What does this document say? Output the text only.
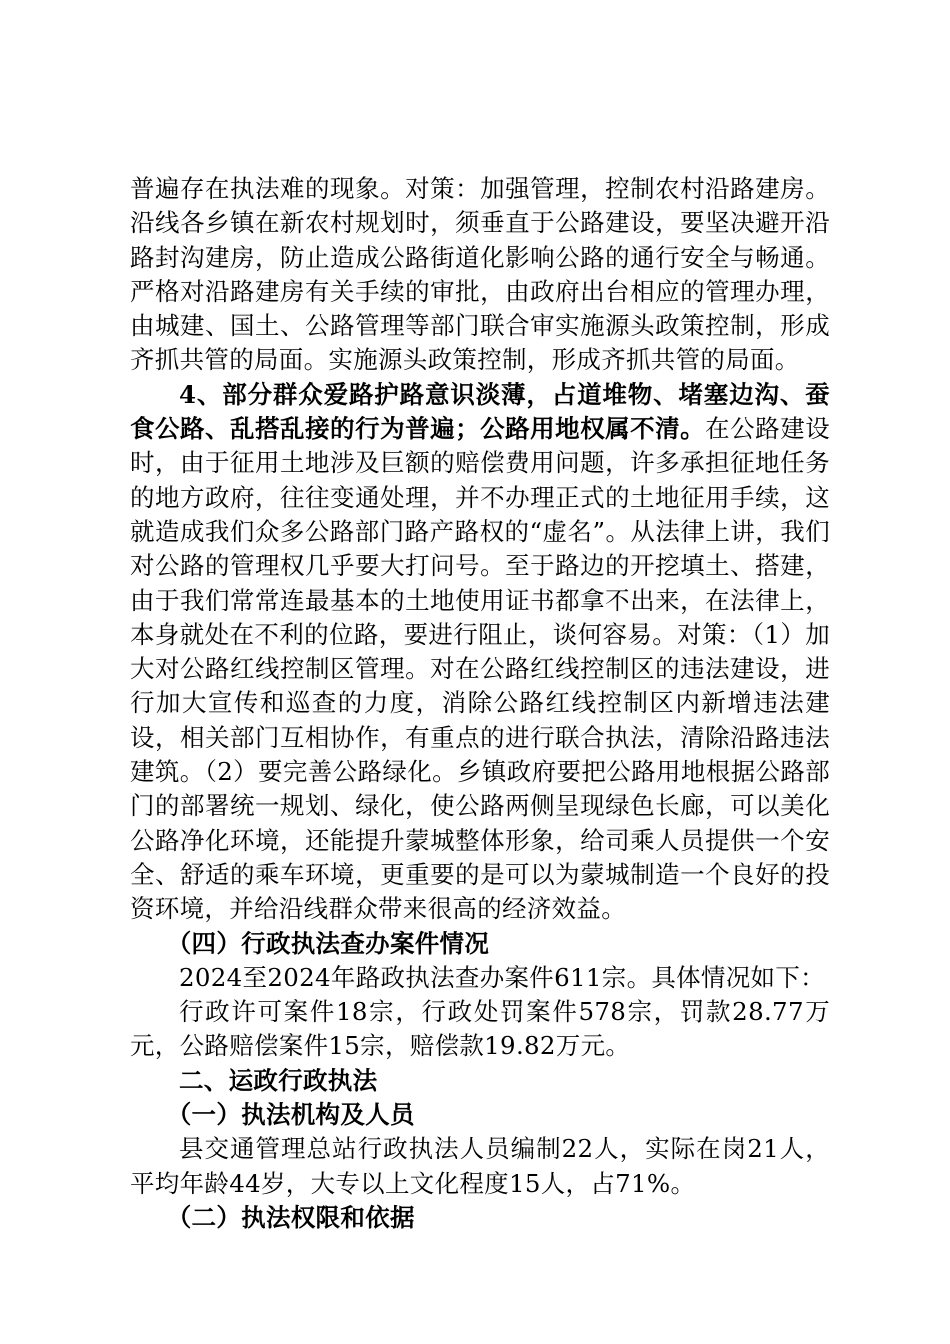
普遍存在执法难的现象。对策：加强管理，控制农村沿路建房。沿线各乡镇在新农村规划时，须垂直于公路建设，要坚决避开沿路封沟建房，防止造成公路街道化影响公路的通行安全与畅通。严格对沿路建房有关手续的审批，由政府出台相应的管理办理，由城建、国土、公路管理等部门联合审实施源头政策控制，形成齐抓共管的局面。实施源头政策控制，形成齐抓共管的局面。

4、部分群众爱路护路意识淡薄，占道堆物、堵塞边沟、蚕食公路、乱搭乱接的行为普遍；公路用地权属不清。在公路建设时，由于征用土地涉及巨额的赔偿费用问题，许多承担征地任务的地方政府，往往变通处理，并不办理正式的土地征用手续，这就造成我们众多公路部门路产路权的“虚名”。从法律上讲，我们对公路的管理权几乎要大打问号。至于路边的开挖填土、搭建，由于我们常常连最基本的土地使用证书都拿不出来，在法律上，本身就处在不利的位路，要进行阻止，谈何容易。对策：（1）加大对公路红线控制区管理。对在公路红线控制区的违法建设，进行加大宣传和巡查的力度，消除公路红线控制区内新增违法建设，相关部门互相协作，有重点的进行联合执法，清除沿路违法建筑。（2）要完善公路绿化。乡镇政府要把公路用地根据公路部门的部署统一规划、绿化，使公路两侧呈现绿色长廊，可以美化公路净化环境，还能提升蒙城整体形象，给司乘人员提供一个安全、舒适的乘车环境，更重要的是可以为蒙城制造一个良好的投资环境，并给沿线群众带来很高的经济效益。

（四）行政执法查办案件情况

2024至2024年路政执法查办案件611宗。具体情况如下：

行政许可案件18宗，行政处罚案件578宗，罚款28.77万元，公路赔偿案件15宗，赔偿款19.82万元。

二、运政行政执法

（一）执法机构及人员

县交通管理总站行政执法人员编制22人，实际在岗21人，平均年龄44岁，大专以上文化程度15人，占71%。

（二）执法权限和依据
